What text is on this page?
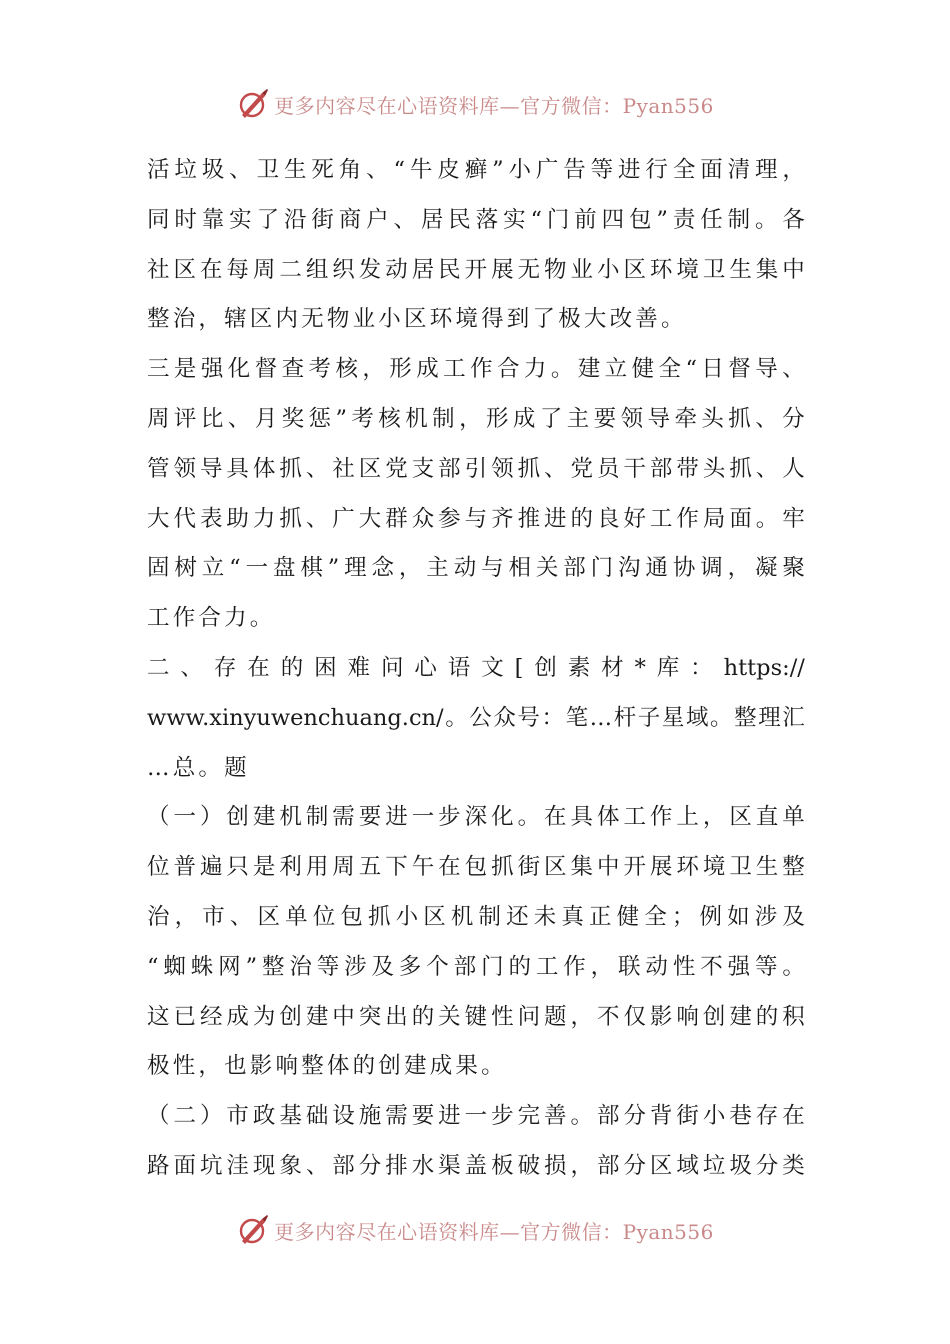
更多内容尽在心语资料库—官方微信：Pyan556
活 垃 圾 、 卫 生 死 角 、 “ 牛 皮 癣 ” 小 广 告 等 进 行 全 面 清 理 ，
同 时 靠 实 了 沿 街 商 户 、 居 民 落 实 “ 门 前 四 包 ” 责 任 制 。 各
社 区 在 每 周 二 组 织 发 动 居 民 开 展 无 物 业 小 区 环 境 卫 生 集 中
整治，辖区内无物业小区环境得到了极大改善。
三 是 强 化 督 查 考 核 ， 形 成 工 作 合 力 。 建 立 健 全 “ 日 督 导 、
周 评 比 、 月 奖 惩 ” 考 核 机 制 ， 形 成 了 主 要 领 导 牵 头 抓 、 分
管 领 导 具 体 抓 、 社 区 党 支 部 引 领 抓 、 党 员 干 部 带 头 抓 、 人
大 代 表 助 力 抓 、 广 大 群 众 参 与 齐 推 进 的 良 好 工 作 局 面 。 牢
固 树 立 “ 一 盘 棋 ” 理 念 ， 主 动 与 相 关 部 门 沟 通 协 调 ， 凝 聚
工作合力。
二 、 存 在 的 困 难 问 心 语 文 [ 创 素 材 * 库 ： https://
www.xinyuwenchuang.cn/ 。 公 众 号 ： 笔 … 杆 子 星 域 。 整 理 汇
…总。题
（ 一 ） 创 建 机 制 需 要 进 一 步 深 化 。 在 具 体 工 作 上 ， 区 直 单
位 普 遍 只 是 利 用 周 五 下 午 在 包 抓 街 区 集 中 开 展 环 境 卫 生 整
治 ， 市 、 区 单 位 包 抓 小 区 机 制 还 未 真 正 健 全 ； 例 如 涉 及
“ 蜘 蛛 网 ” 整 治 等 涉 及 多 个 部 门 的 工 作 ， 联 动 性 不 强 等 。
这 已 经 成 为 创 建 中 突 出 的 关 键 性 问 题 ， 不 仅 影 响 创 建 的 积
极性，也影响整体的创建成果。
（ 二 ） 市 政 基 础 设 施 需 要 进 一 步 完 善 。 部 分 背 街 小 巷 存 在
路 面 坑 洼 现 象 、 部 分 排 水 渠 盖 板 破 损 ， 部 分 区 域 垃 圾 分 类
更多内容尽在心语资料库—官方微信：Pyan556
